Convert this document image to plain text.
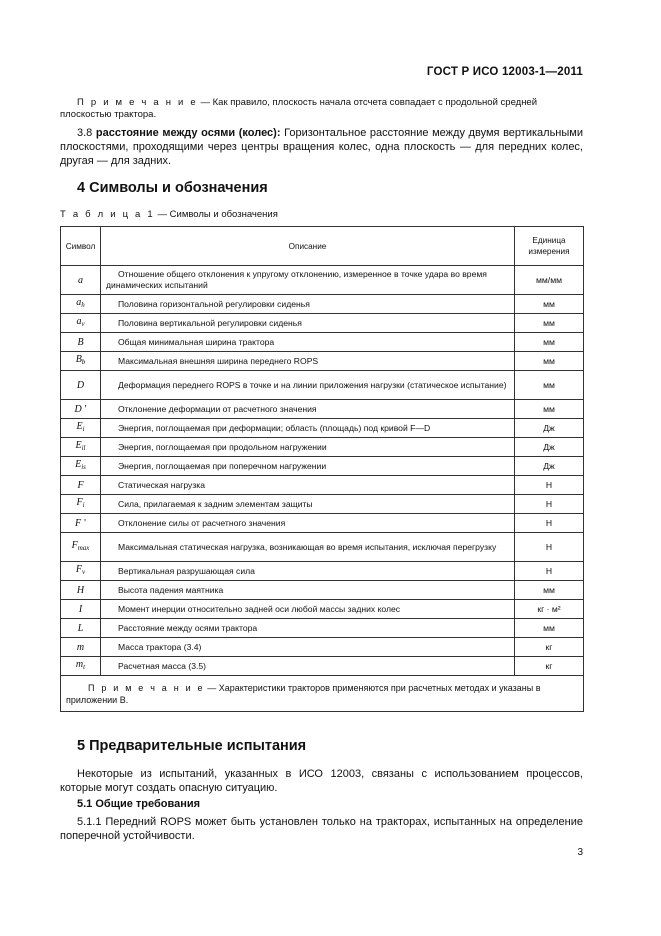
ГОСТ Р ИСО 12003-1—2011
П р и м е ч а н и е — Как правило, плоскость начала отсчета совпадает с продольной средней плоскостью трактора.
3.8 расстояние между осями (колес): Горизонтальное расстояние между двумя вертикальными плоскостями, проходящими через центры вращения колес, одна плоскость — для передних колес, другая — для задних.
4 Символы и обозначения
Т а б л и ц а 1 — Символы и обозначения
Символ	Описание	Единица измерения
a	Отношение общего отклонения к упругому отклонению, измеренное в точке удара во время динамических испытаний	мм/мм
$a_h$	Половина горизонтальной регулировки сиденья	мм
$a_v$	Половина вертикальной регулировки сиденья	мм
B	Общая минимальная ширина трактора	мм
$B_b$	Максимальная внешняя ширина переднего ROPS	мм
D	Деформация переднего ROPS в точке и на линии приложения нагрузки (статическое испытание)	мм
D '	Отклонение деформации от расчетного значения	мм
$E_i$	Энергия, поглощаемая при деформации; область (площадь) под кривой F—D	Дж
$E_{il}$	Энергия, поглощаемая при продольном нагружении	Дж
$E_{is}$	Энергия, поглощаемая при поперечном нагружении	Дж
F	Статическая нагрузка	Н
$F_i$	Сила, прилагаемая к задним элементам защиты	Н
F '	Отклонение силы от расчетного значения	Н
$F_{max}$	Максимальная статическая нагрузка, возникающая во время испытания, исключая перегрузку	Н
$F_v$	Вертикальная разрушающая сила	Н
H	Высота падения маятника	мм
I	Момент инерции относительно задней оси любой массы задних колес	кг · м²
L	Расстояние между осями трактора	мм
m	Масса трактора (3.4)	кг
$m_t$	Расчетная масса (3.5)	кг
П р и м е ч а н и е — Характеристики тракторов применяются при расчетных методах и указаны в приложении В.		
5 Предварительные испытания
Некоторые из испытаний, указанных в ИСО 12003, связаны с использованием процессов, которые могут создать опасную ситуацию.
5.1 Общие требования
5.1.1 Передний ROPS может быть установлен только на тракторах, испытанных на определение поперечной устойчивости.
3
